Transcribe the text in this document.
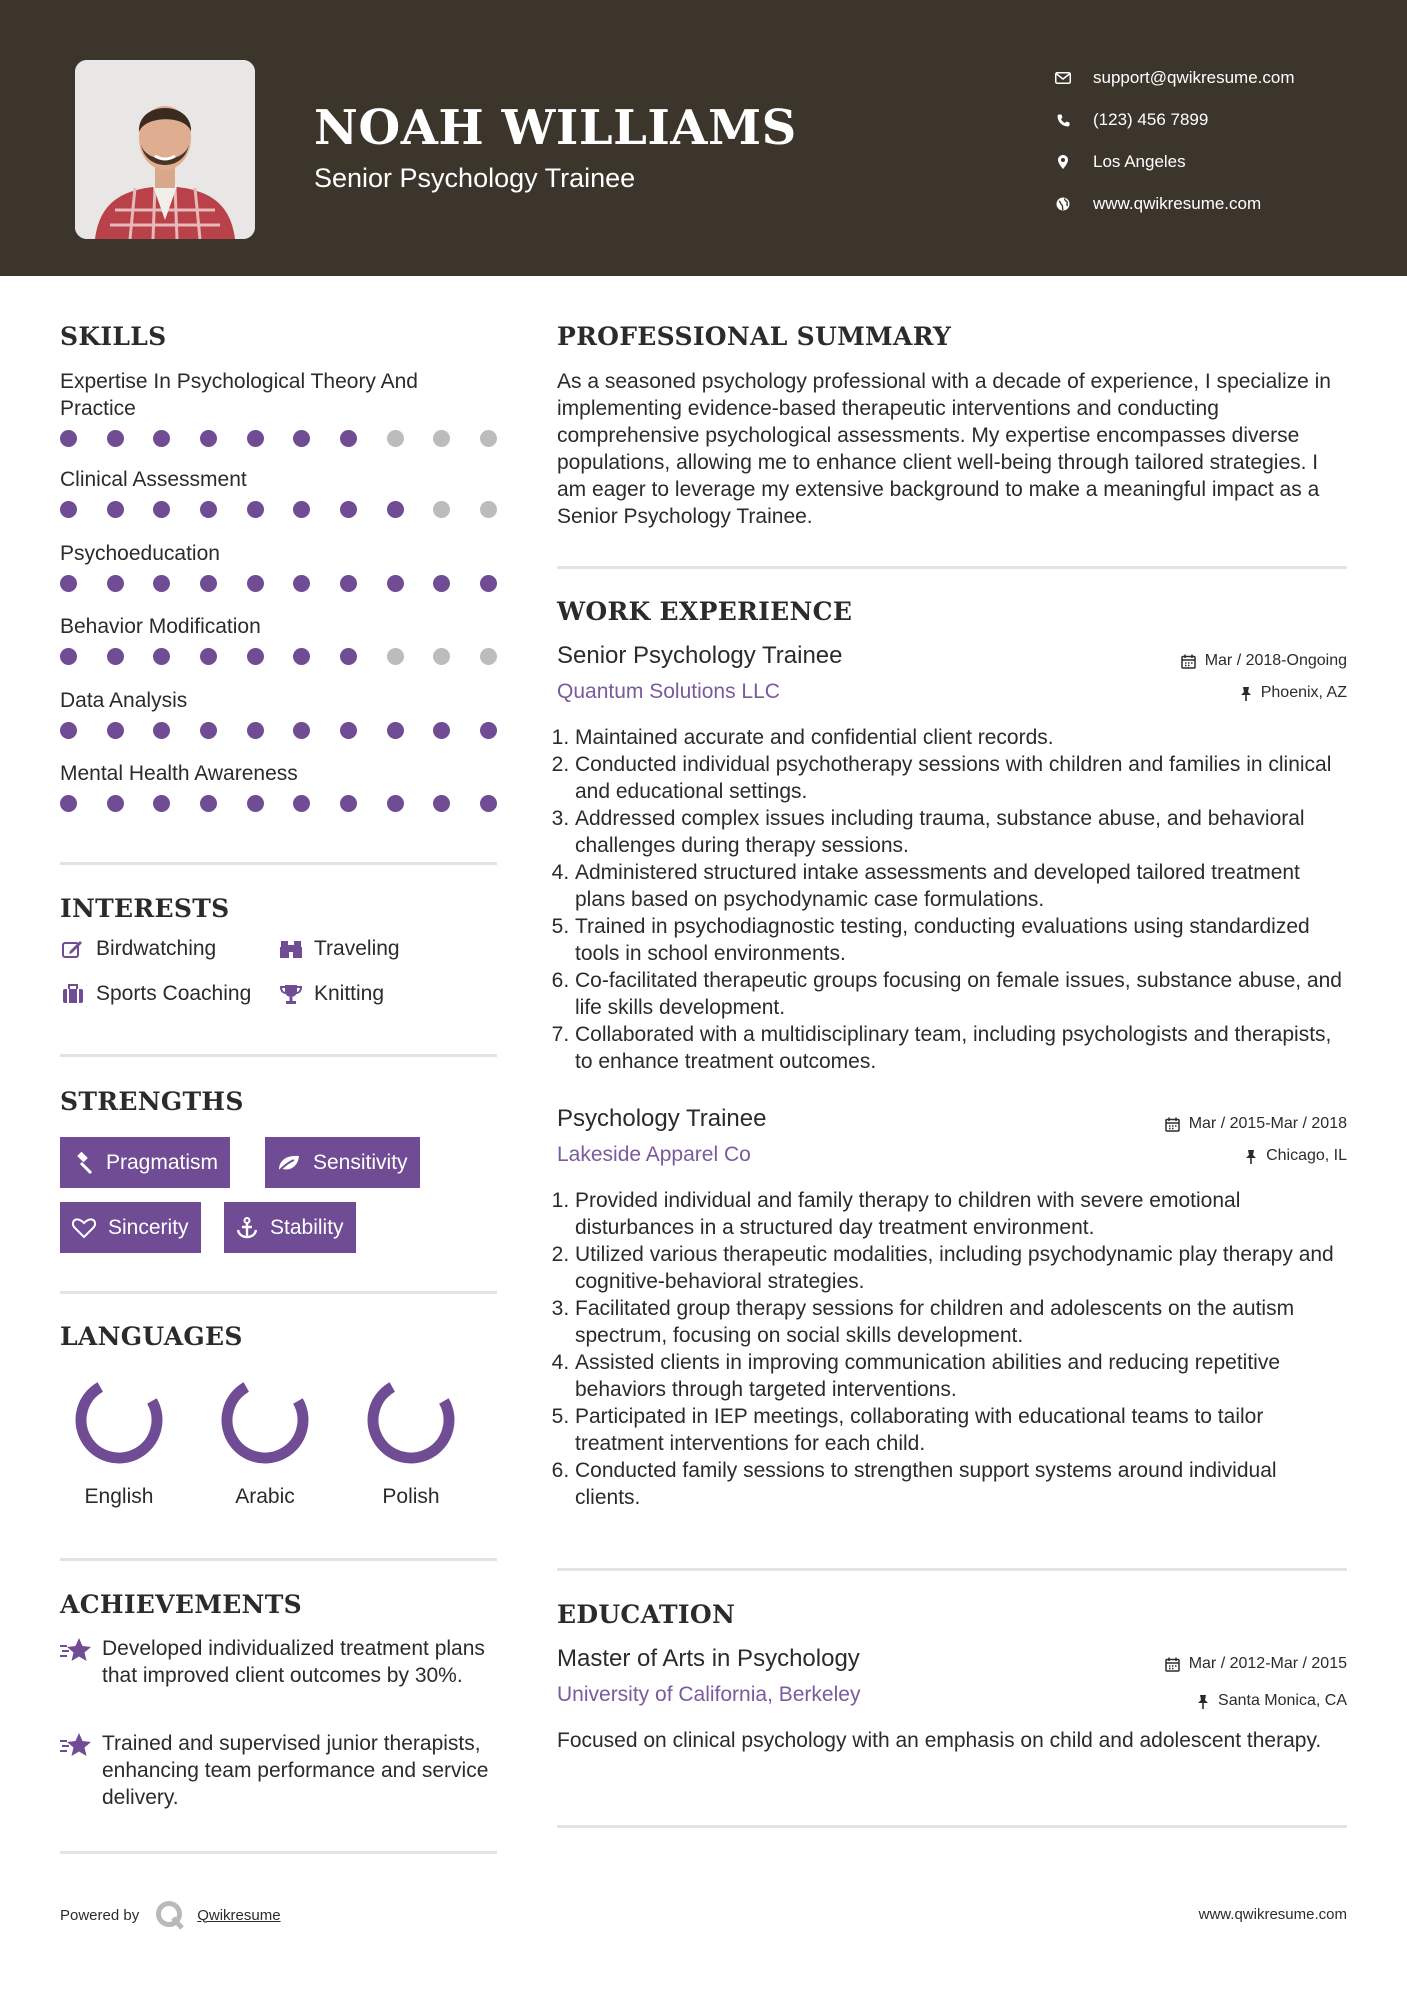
NOAH WILLIAMS
Senior Psychology Trainee
support@qwikresume.com
(123) 456 7899
Los Angeles
www.qwikresume.com
SKILLS
Expertise In Psychological Theory And Practice
Clinical Assessment
Psychoeducation
Behavior Modification
Data Analysis
Mental Health Awareness
INTERESTS
Birdwatching	Traveling
Sports Coaching	Knitting
STRENGTHS
Pragmatism	Sensitivity
Sincerity	Stability
LANGUAGES
English	Arabic	Polish
ACHIEVEMENTS
Developed individualized treatment plans that improved client outcomes by 30%.
Trained and supervised junior therapists, enhancing team performance and service delivery.
PROFESSIONAL SUMMARY
As a seasoned psychology professional with a decade of experience, I specialize in implementing evidence-based therapeutic interventions and conducting comprehensive psychological assessments. My expertise encompasses diverse populations, allowing me to enhance client well-being through tailored strategies. I am eager to leverage my extensive background to make a meaningful impact as a Senior Psychology Trainee.
WORK EXPERIENCE
Senior Psychology Trainee
Quantum Solutions LLC
Mar / 2018-Ongoing
Phoenix, AZ
1. Maintained accurate and confidential client records.
2. Conducted individual psychotherapy sessions with children and families in clinical and educational settings.
3. Addressed complex issues including trauma, substance abuse, and behavioral challenges during therapy sessions.
4. Administered structured intake assessments and developed tailored treatment plans based on psychodynamic case formulations.
5. Trained in psychodiagnostic testing, conducting evaluations using standardized tools in school environments.
6. Co-facilitated therapeutic groups focusing on female issues, substance abuse, and life skills development.
7. Collaborated with a multidisciplinary team, including psychologists and therapists, to enhance treatment outcomes.
Psychology Trainee
Lakeside Apparel Co
Mar / 2015-Mar / 2018
Chicago, IL
1. Provided individual and family therapy to children with severe emotional disturbances in a structured day treatment environment.
2. Utilized various therapeutic modalities, including psychodynamic play therapy and cognitive-behavioral strategies.
3. Facilitated group therapy sessions for children and adolescents on the autism spectrum, focusing on social skills development.
4. Assisted clients in improving communication abilities and reducing repetitive behaviors through targeted interventions.
5. Participated in IEP meetings, collaborating with educational teams to tailor treatment interventions for each child.
6. Conducted family sessions to strengthen support systems around individual clients.
EDUCATION
Master of Arts in Psychology
University of California, Berkeley
Mar / 2012-Mar / 2015
Santa Monica, CA
Focused on clinical psychology with an emphasis on child and adolescent therapy.
Powered by	Qwikresume	www.qwikresume.com
